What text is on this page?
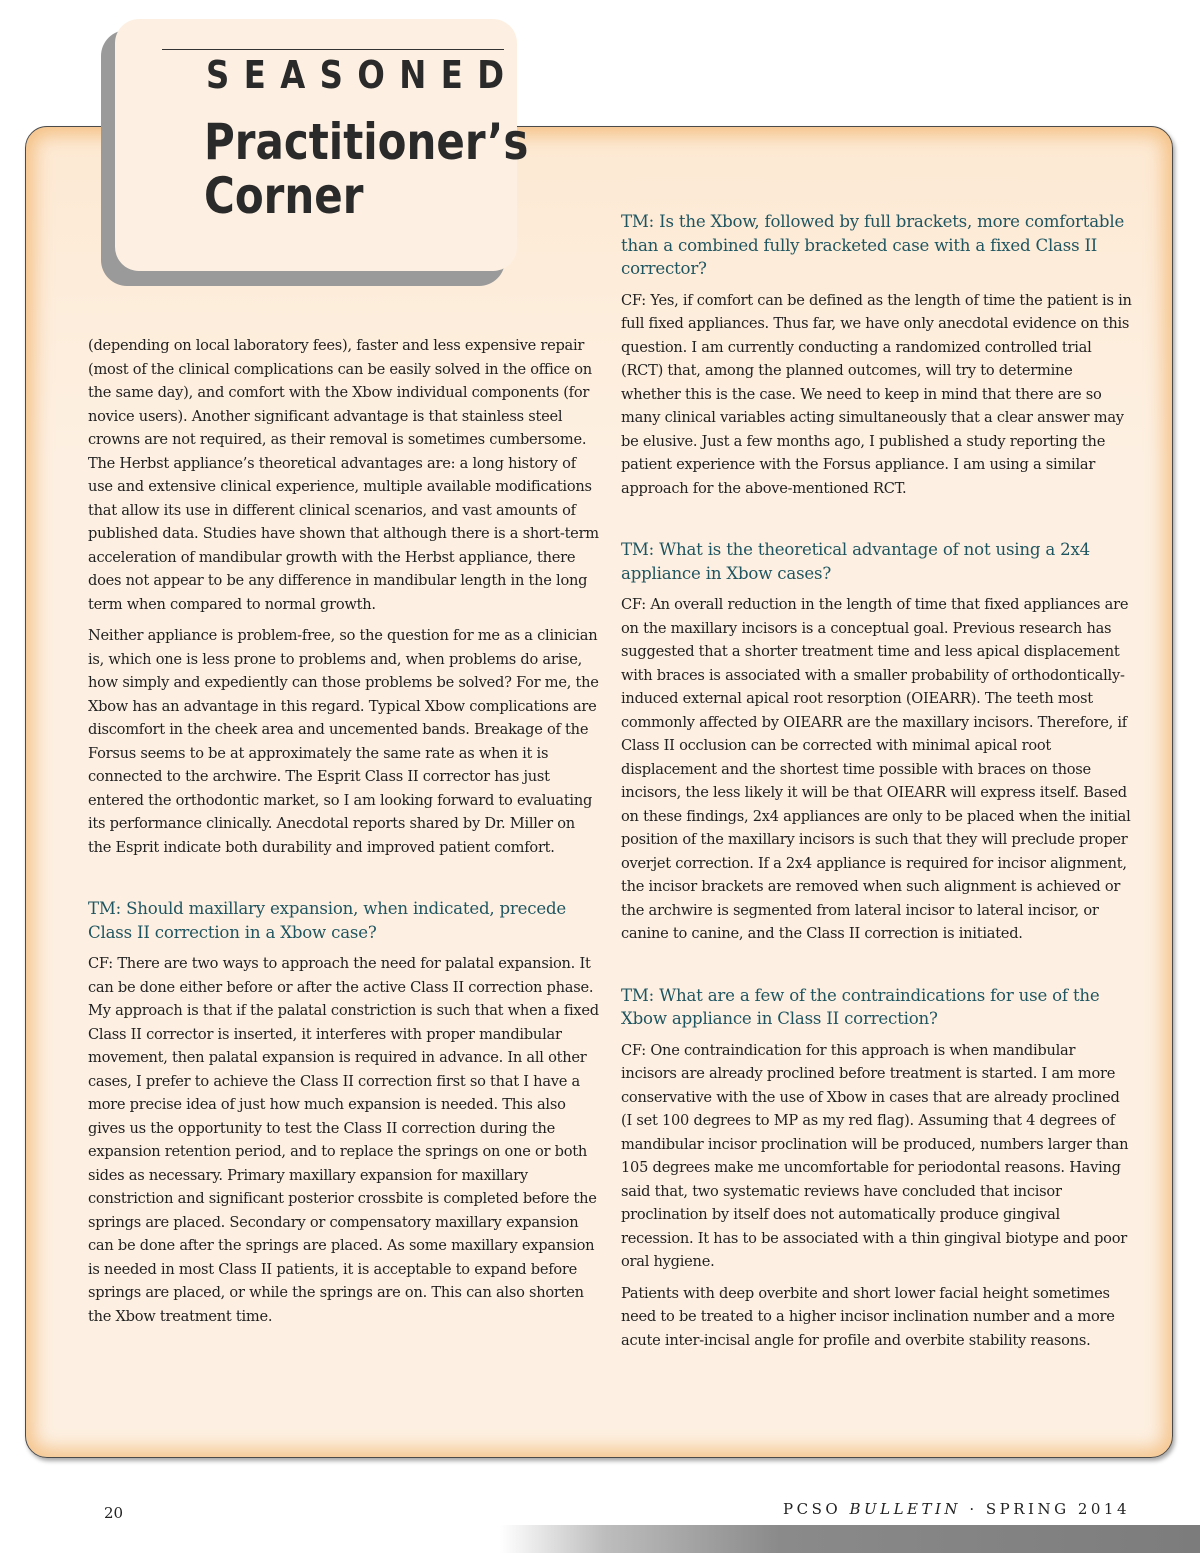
SEASONED
Practitioner’s
Corner

(depending on local laboratory fees), faster and less expensive repair (most of the clinical complications can be easily solved in the office on the same day), and comfort with the Xbow individual components (for novice users). Another significant advantage is that stainless steel crowns are not required, as their removal is sometimes cumbersome. The Herbst appliance’s theoretical advantages are: a long history of use and extensive clinical experience, multiple available modifications that allow its use in different clinical scenarios, and vast amounts of published data. Studies have shown that although there is a short-term acceleration of mandibular growth with the Herbst appliance, there does not appear to be any difference in mandibular length in the long term when compared to normal growth.

Neither appliance is problem-free, so the question for me as a clinician is, which one is less prone to problems and, when problems do arise, how simply and expediently can those problems be solved? For me, the Xbow has an advantage in this regard. Typical Xbow complications are discomfort in the cheek area and uncemented bands. Breakage of the Forsus seems to be at approximately the same rate as when it is connected to the archwire. The Esprit Class II corrector has just entered the orthodontic market, so I am looking forward to evaluating its performance clinically. Anecdotal reports shared by Dr. Miller on the Esprit indicate both durability and improved patient comfort.

TM: Should maxillary expansion, when indicated, precede Class II correction in a Xbow case?

CF: There are two ways to approach the need for palatal expansion. It can be done either before or after the active Class II correction phase. My approach is that if the palatal constriction is such that when a fixed Class II corrector is inserted, it interferes with proper mandibular movement, then palatal expansion is required in advance. In all other cases, I prefer to achieve the Class II correction first so that I have a more precise idea of just how much expansion is needed. This also gives us the opportunity to test the Class II correction during the expansion retention period, and to replace the springs on one or both sides as necessary. Primary maxillary expansion for maxillary constriction and significant posterior crossbite is completed before the springs are placed. Secondary or compensatory maxillary expansion can be done after the springs are placed. As some maxillary expansion is needed in most Class II patients, it is acceptable to expand before springs are placed, or while the springs are on. This can also shorten the Xbow treatment time.

TM: Is the Xbow, followed by full brackets, more comfortable than a combined fully bracketed case with a fixed Class II corrector?

CF: Yes, if comfort can be defined as the length of time the patient is in full fixed appliances. Thus far, we have only anecdotal evidence on this question. I am currently conducting a randomized controlled trial (RCT) that, among the planned outcomes, will try to determine whether this is the case. We need to keep in mind that there are so many clinical variables acting simultaneously that a clear answer may be elusive. Just a few months ago, I published a study reporting the patient experience with the Forsus appliance. I am using a similar approach for the above-mentioned RCT.

TM: What is the theoretical advantage of not using a 2x4 appliance in Xbow cases?

CF: An overall reduction in the length of time that fixed appliances are on the maxillary incisors is a conceptual goal. Previous research has suggested that a shorter treatment time and less apical displacement with braces is associated with a smaller probability of orthodontically-induced external apical root resorption (OIEARR). The teeth most commonly affected by OIEARR are the maxillary incisors. Therefore, if Class II occlusion can be corrected with minimal apical root displacement and the shortest time possible with braces on those incisors, the less likely it will be that OIEARR will express itself. Based on these findings, 2x4 appliances are only to be placed when the initial position of the maxillary incisors is such that they will preclude proper overjet correction. If a 2x4 appliance is required for incisor alignment, the incisor brackets are removed when such alignment is achieved or the archwire is segmented from lateral incisor to lateral incisor, or canine to canine, and the Class II correction is initiated.

TM: What are a few of the contraindications for use of the Xbow appliance in Class II correction?

CF: One contraindication for this approach is when mandibular incisors are already proclined before treatment is started. I am more conservative with the use of Xbow in cases that are already proclined (I set 100 degrees to MP as my red flag). Assuming that 4 degrees of mandibular incisor proclination will be produced, numbers larger than 105 degrees make me uncomfortable for periodontal reasons. Having said that, two systematic reviews have concluded that incisor proclination by itself does not automatically produce gingival recession. It has to be associated with a thin gingival biotype and poor oral hygiene.

Patients with deep overbite and short lower facial height sometimes need to be treated to a higher incisor inclination number and a more acute inter-incisal angle for profile and overbite stability reasons.

20	PCSO BULLETIN · SPRING 2014
